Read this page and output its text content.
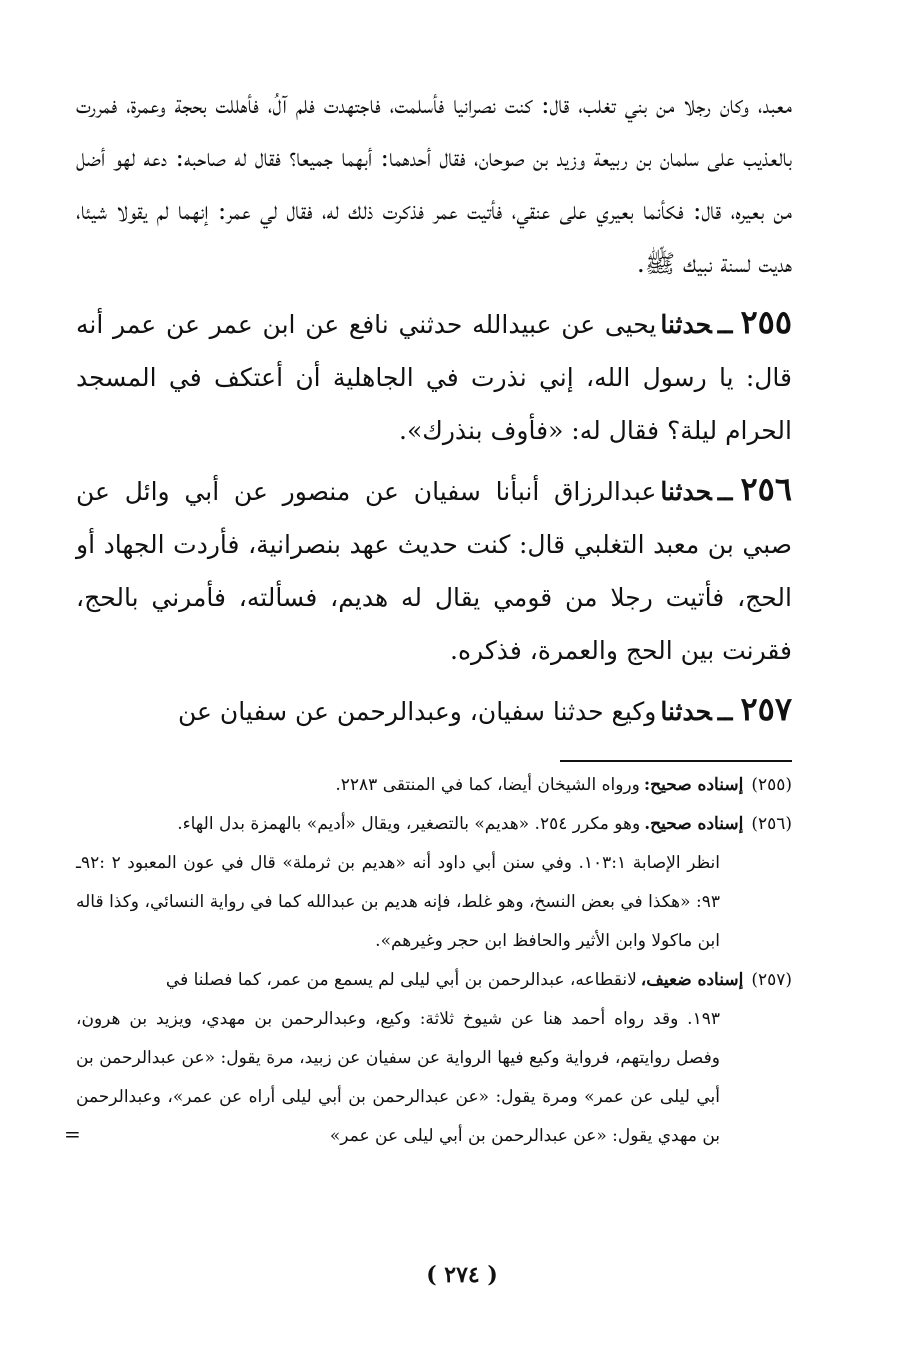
معبد، وكان رجلا من بني تغلب، قال: كنت نصرانيا فأسلمت، فاجتهدت فلم آلُ، فأهللت بحجة وعمرة، فمررت بالعذيب على سلمان بن ربيعة وزيد بن صوحان، فقال أحدهما: أبهما جميعا؟ فقال له صاحبه: دعه لهو أضل من بعيره، قال: فكأنما بعيري على عنقي، فأتيت عمر فذكرت ذلك له، فقال لي عمر: إنهما لم يقولا شيئا، هديت لسنة نبيك ﷺ.

٢٥٥ــحدثنايحيى عن عبيدالله حدثني نافع عن ابن عمر عن عمر أنه قال: يا رسول الله، إني نذرت في الجاهلية أن أعتكف في المسجد الحرام ليلة؟ فقال له: «فأوف بنذرك».

٢٥٦ــحدثناعبدالرزاق أنبأنا سفيان عن منصور عن أبي وائل عن صبي بن معبد التغلبي قال: كنت حديث عهد بنصرانية، فأردت الجهاد أو الحج، فأتيت رجلا من قومي يقال له هديم، فسألته، فأمرني بالحج، فقرنت بين الحج والعمرة، فذكره.

٢٥٧ــحدثناوكيع حدثنا سفيان، وعبدالرحمن عن سفيان عن

(٢٥٥)إسناده صحيح:ورواه الشيخان أيضا، كما في المنتقى ٢٢٨٣.

(٢٥٦)إسناده صحيح.وهو مكرر ٢٥٤. «هديم» بالتصغير، ويقال «أديم» بالهمزة بدل الهاء.
انظر الإصابة ١٠٣:١. وفي سنن أبي داود أنه «هديم بن ثرملة» قال في عون المعبود ٢ :٩٢ـ ٩٣: «هكذا في بعض النسخ، وهو غلط، فإنه هديم بن عبدالله كما في رواية النسائي، وكذا قاله ابن ماكولا وابن الأثير والحافظ ابن حجر وغيرهم».

(٢٥٧)إسناده ضعيف،لانقطاعه، عبدالرحمن بن أبي ليلى لم يسمع من عمر، كما فصلنا في
١٩٣. وقد رواه أحمد هنا عن شيوخ ثلاثة: وكيع، وعبدالرحمن بن مهدي، ويزيد بن هرون، وفصل روايتهم، فرواية وكيع فيها الرواية عن سفيان عن زبيد، مرة يقول: «عن عبدالرحمن بن أبي ليلى عن عمر» ومرة يقول: «عن عبدالرحمن بن أبي ليلى أراه عن عمر»، وعبدالرحمن بن مهدي يقول: «عن عبدالرحمن بن أبي ليلى عن عمر»
=

( ٢٧٤ )
